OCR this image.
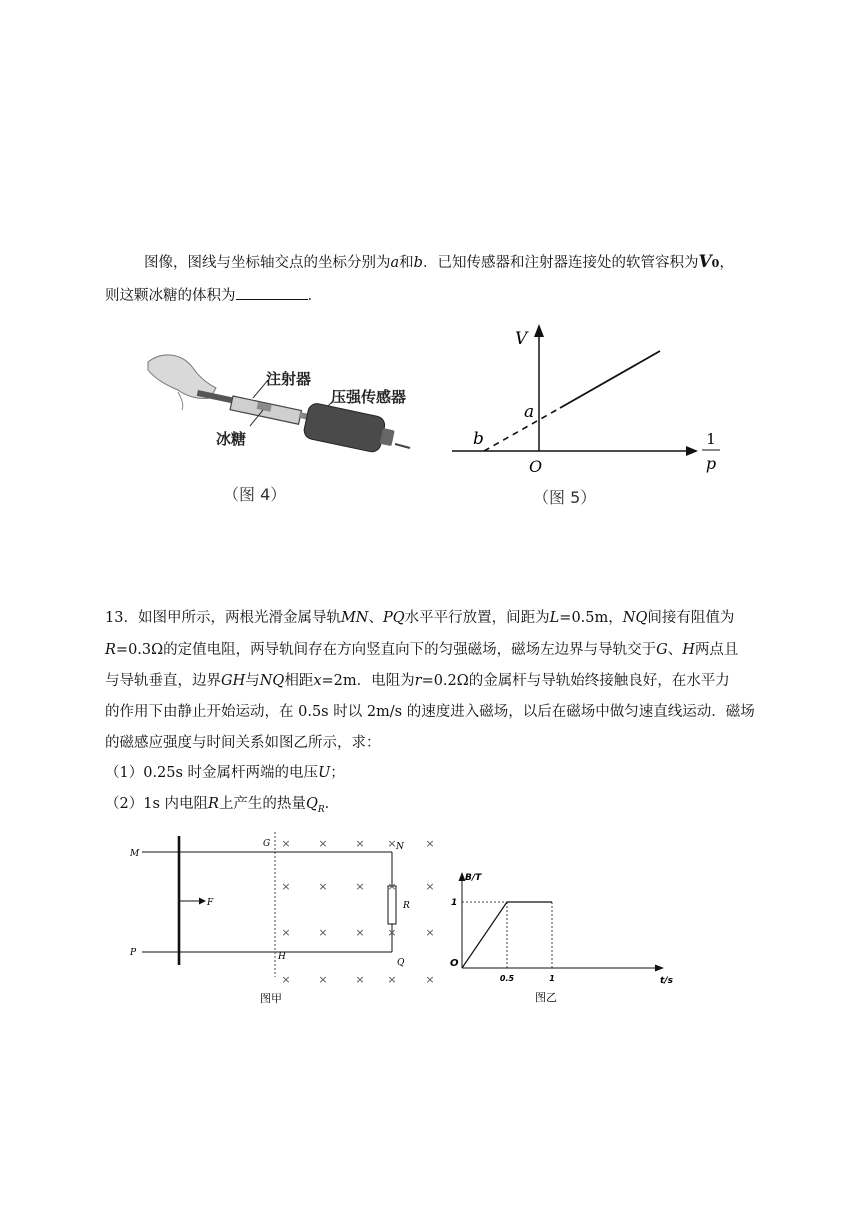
图像，图线与坐标轴交点的坐标分别为a和b．已知传感器和注射器连接处的软管容积为V0，
则这颗冰糖的体积为	．
注射器
压强传感器
冰糖
（图 4）
V
a
b
O
1
p
（图 5）
13．如图甲所示，两根光滑金属导轨MN、PQ水平平行放置，间距为L=0.5m，NQ间接有阻值为
R=0.3Ω的定值电阻，两导轨间存在方向竖直向下的匀强磁场，磁场左边界与导轨交于G、H两点且
与导轨垂直，边界GH与NQ相距x=2m．电阻为r=0.2Ω的金属杆与导轨始终接触良好，在水平力
的作用下由静止开始运动，在 0.5s 时以 2m/s 的速度进入磁场，以后在磁场中做匀速直线运动．磁场
的磁感应强度与时间关系如图乙所示，求：
（1）0.25s 时金属杆两端的电压U；
（2）1s 内电阻R上产生的热量$Q_R$．
×	×	× ×	×
×	×	× ×	×
×	×	× ×	×
×	×	× ×	×
M
P
G
H
N
Q
F	R
图甲
B/T
t/s
O
1
0.5	1
图乙
